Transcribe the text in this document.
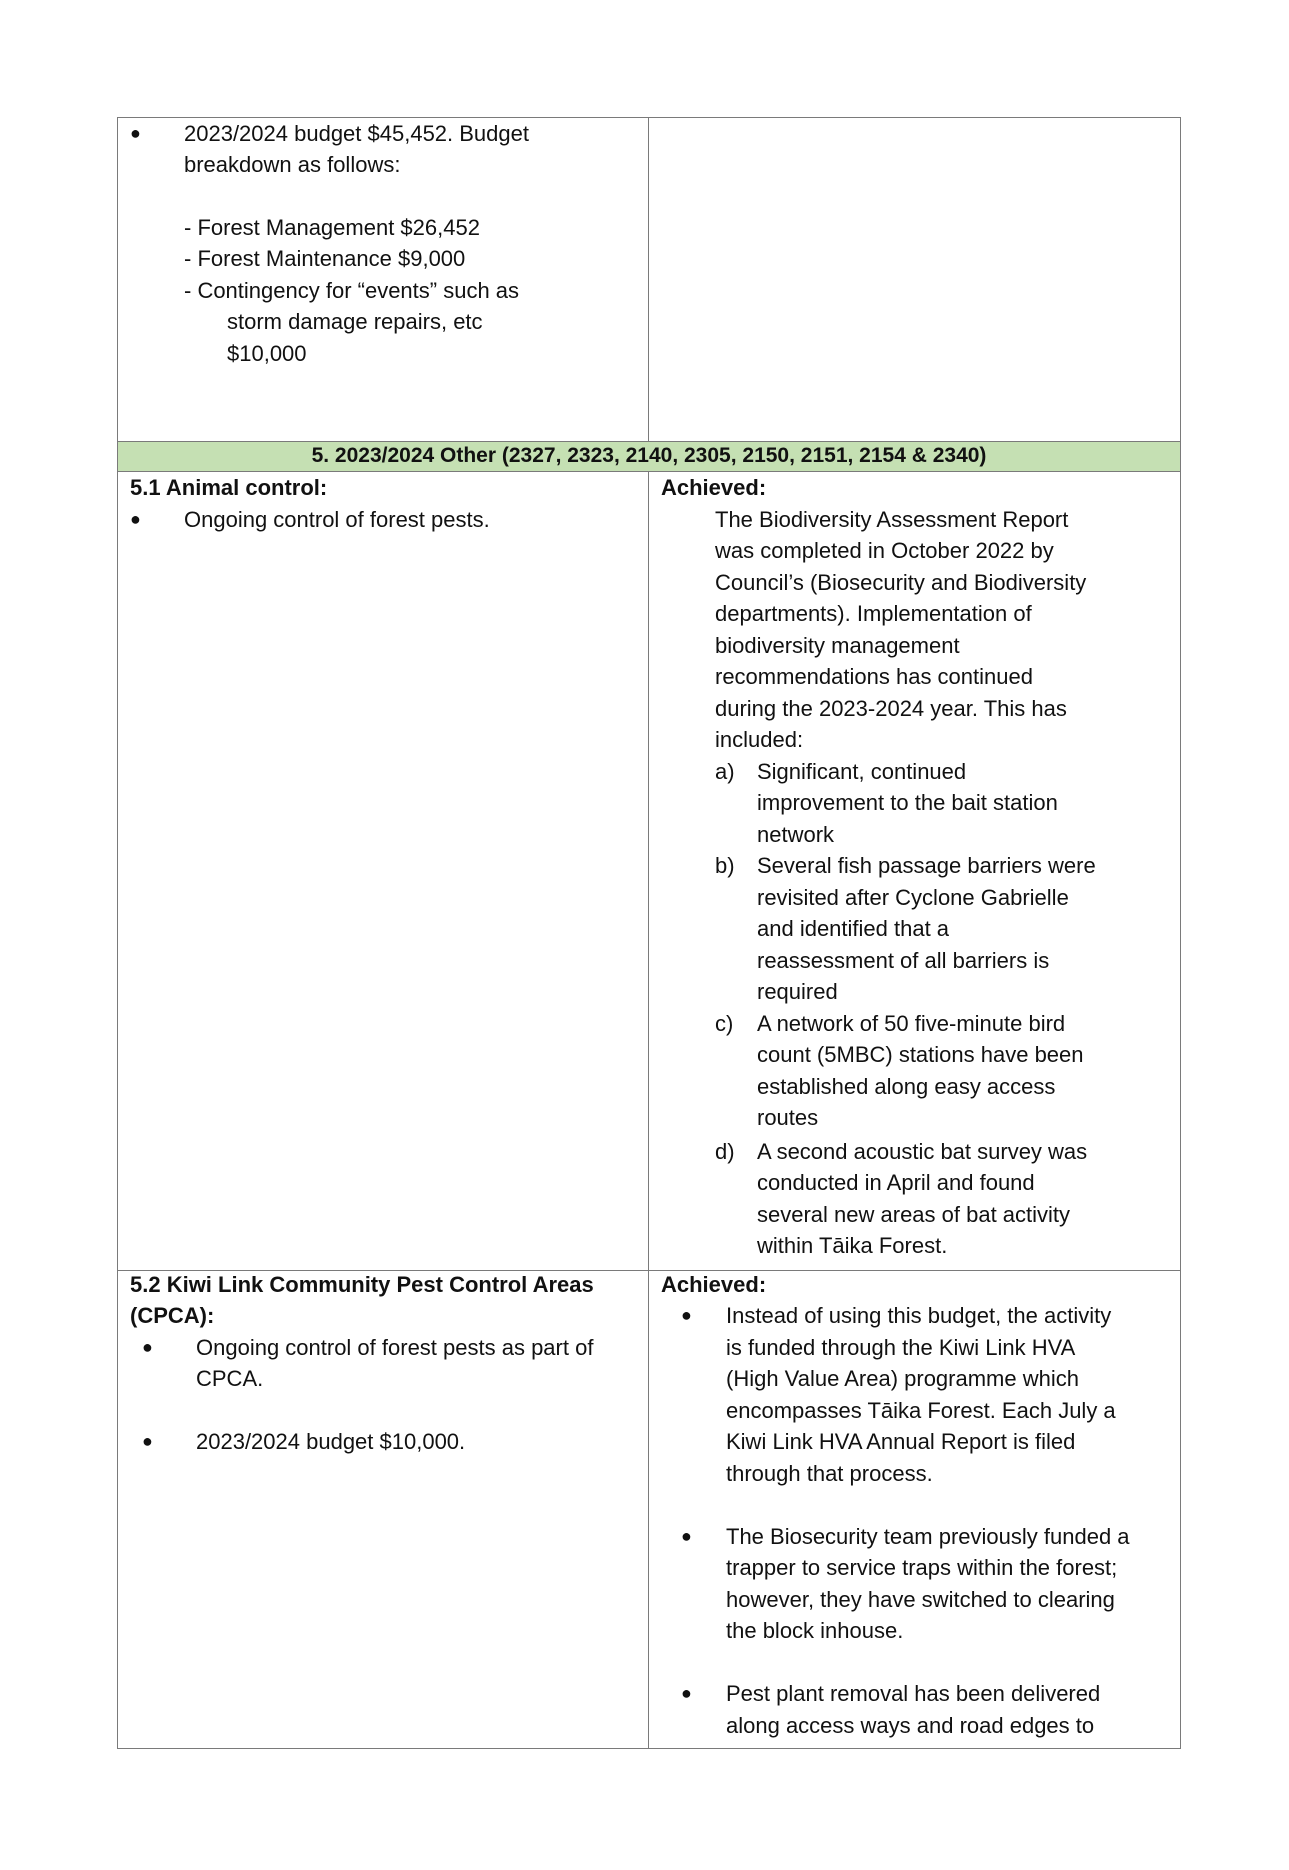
5. 2023/2024 Other (2327, 2323, 2140, 2305, 2150, 2151, 2154 & 2340)
● 2023/2024 budget $45,452. Budget
breakdown as follows:
- Forest Management $26,452
- Forest Maintenance $9,000
- Contingency for “events” such as
storm damage repairs, etc
$10,000
5.1 Animal control:
● Ongoing control of forest pests.
Achieved:
The Biodiversity Assessment Report
was completed in October 2022 by
Council’s (Biosecurity and Biodiversity
departments). Implementation of
biodiversity management
recommendations has continued
during the 2023-2024 year. This has
included:
a) Significant, continued
improvement to the bait station
network
b) Several fish passage barriers were
revisited after Cyclone Gabrielle
and identified that a
reassessment of all barriers is
required
c) A network of 50 five-minute bird
count (5MBC) stations have been
established along easy access
routes
d) A second acoustic bat survey was
conducted in April and found
several new areas of bat activity
within Tāika Forest.
5.2 Kiwi Link Community Pest Control Areas
(CPCA):
● Ongoing control of forest pests as part of
CPCA.
● 2023/2024 budget $10,000.
Achieved:
● Instead of using this budget, the activity
is funded through the Kiwi Link HVA
(High Value Area) programme which
encompasses Tāika Forest. Each July a
Kiwi Link HVA Annual Report is filed
through that process.
● The Biosecurity team previously funded a
trapper to service traps within the forest;
however, they have switched to clearing
the block inhouse.
● Pest plant removal has been delivered
along access ways and road edges to
